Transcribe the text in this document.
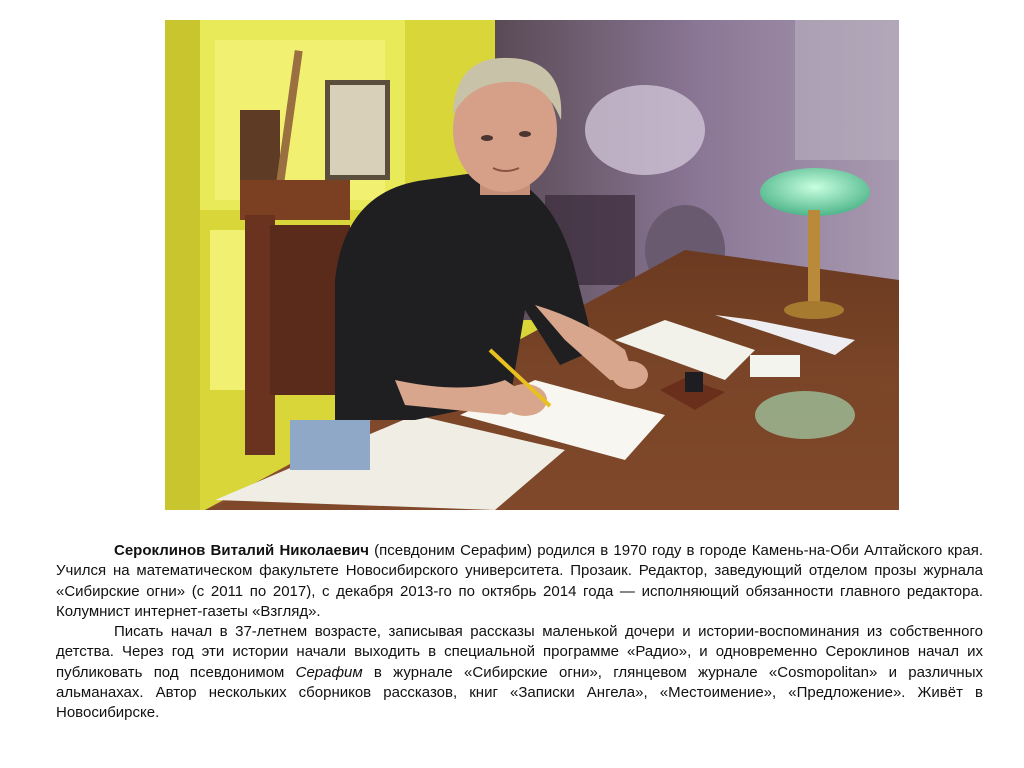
Сероклинов Виталий Николаевич (псевдоним Серафим) родился в 1970 году в городе Камень-на-Оби Алтайского края. Учился на математическом факультете Новосибирского университета. Прозаик. Редактор, заведующий отделом прозы журнала «Сибирские огни» (с 2011 по 2017), с декабря 2013-го по октябрь 2014 года — исполняющий обязанности главного редактора. Колумнист интернет-газеты «Взгляд».

Писать начал в 37-летнем возрасте, записывая рассказы маленькой дочери и истории-воспоминания из собственного детства. Через год эти истории начали выходить в специальной программе «Радио», и одновременно Сероклинов начал их публиковать под псевдонимом Серафим в журнале «Сибирские огни», глянцевом журнале «Cosmopolitan» и различных альманахах. Автор нескольких сборников рассказов, книг «Записки Ангела», «Местоимение», «Предложение». Живёт в Новосибирске.
